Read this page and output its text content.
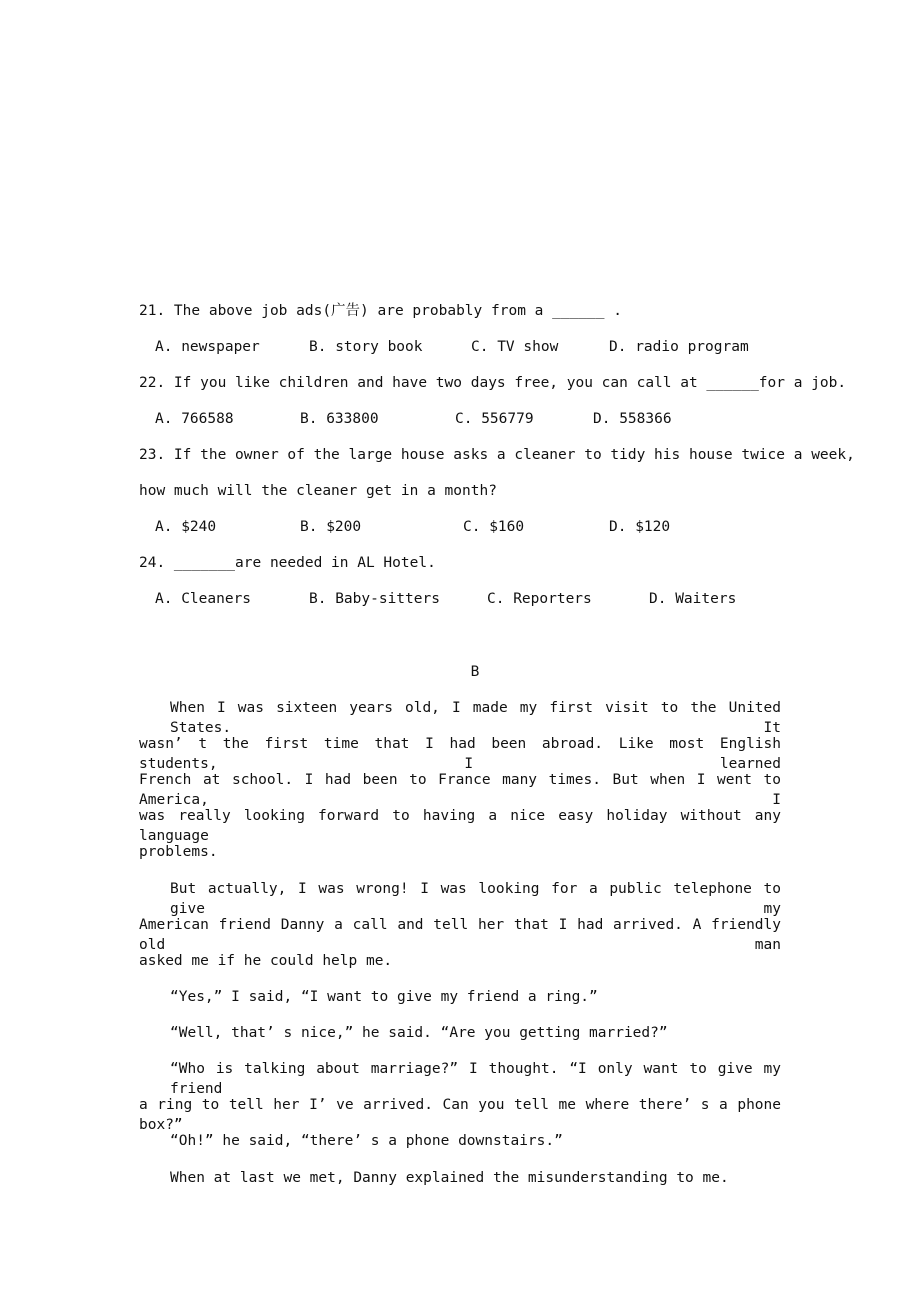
21. The above job ads(广告) are probably from a ______ .
A. newspaper	B. story book	C. TV show	D. radio program
22. If you like children and have two days free, you can call at ______for a job.
A. 766588	B. 633800	C. 556779	D. 558366
23. If the owner of the large house asks a cleaner to tidy his house twice a week,
how much will the cleaner get in a month?
A. $240	B. $200	C. $160	D. $120
24. _______are needed in AL Hotel.
A. Cleaners	B. Baby-sitters	C. Reporters	D. Waiters
B
When I was sixteen years old, I made my first visit to the United States. It
wasn’ t the first time that I had been abroad. Like most English students, I learned
French at school. I had been to France many times. But when I went to America, I
was really looking forward to having a nice easy holiday without any language
problems.
But actually, I was wrong! I was looking for a public telephone to give my
American friend Danny a call and tell her that I had arrived. A friendly old man
asked me if he could help me.
“Yes,” I said, “I want to give my friend a ring.”
“Well, that’ s nice,” he said. “Are you getting married?”
“Who is talking about marriage?” I thought. “I only want to give my friend
a ring to tell her I’ ve arrived. Can you tell me where there’ s a phone box?”
“Oh!” he said, “there’ s a phone downstairs.”
When at last we met, Danny explained the misunderstanding to me.
